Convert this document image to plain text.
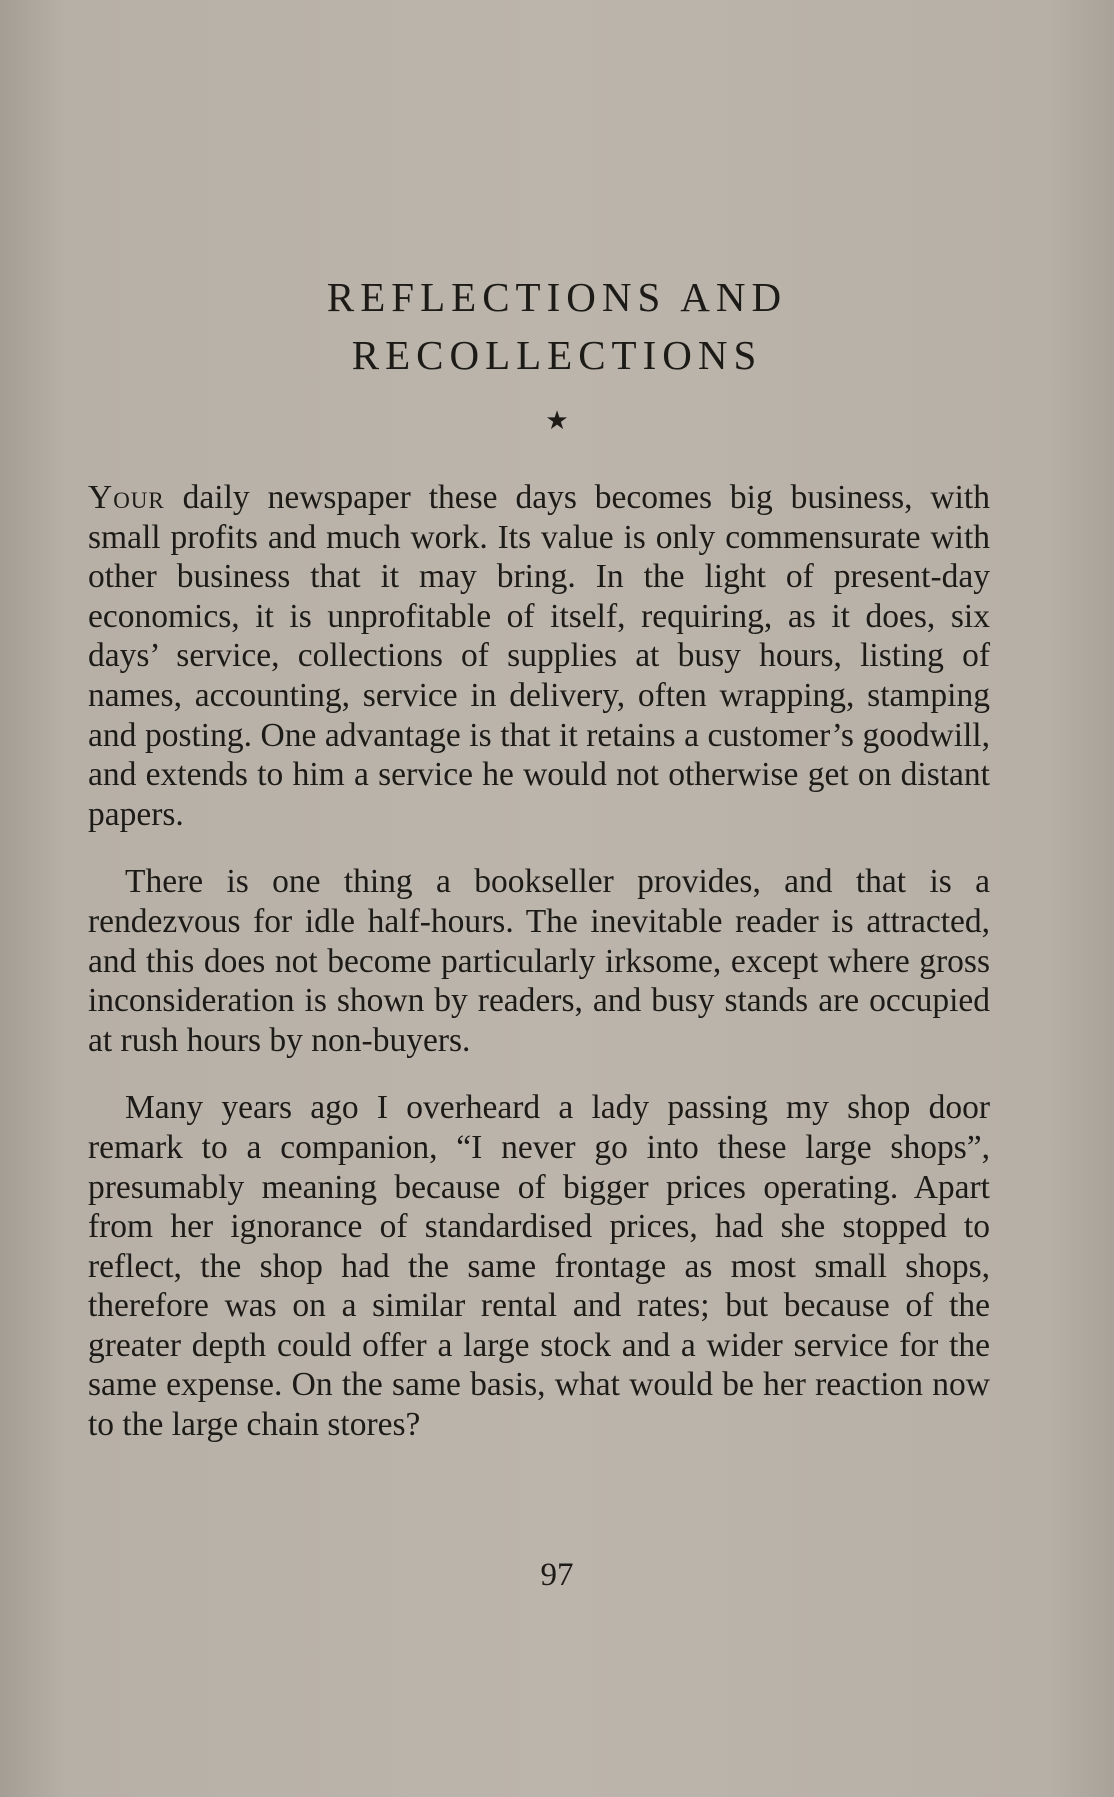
REFLECTIONS AND
RECOLLECTIONS
★

Your daily newspaper these days becomes big business, with small profits and much work. Its value is only commensurate with other business that it may bring. In the light of present-day economics, it is unprofitable of itself, requiring, as it does, six days’ service, collections of supplies at busy hours, listing of names, accounting, service in delivery, often wrapping, stamping and posting. One advantage is that it retains a customer’s goodwill, and extends to him a service he would not otherwise get on distant papers.

There is one thing a bookseller provides, and that is a rendezvous for idle half-hours. The inevitable reader is attracted, and this does not become particularly irksome, except where gross inconsideration is shown by readers, and busy stands are occupied at rush hours by non-buyers.

Many years ago I overheard a lady passing my shop door remark to a companion, “I never go into these large shops”, presumably meaning because of bigger prices operating. Apart from her ignorance of standardised prices, had she stopped to reflect, the shop had the same frontage as most small shops, therefore was on a similar rental and rates; but because of the greater depth could offer a large stock and a wider service for the same expense. On the same basis, what would be her reaction now to the large chain stores?

97
